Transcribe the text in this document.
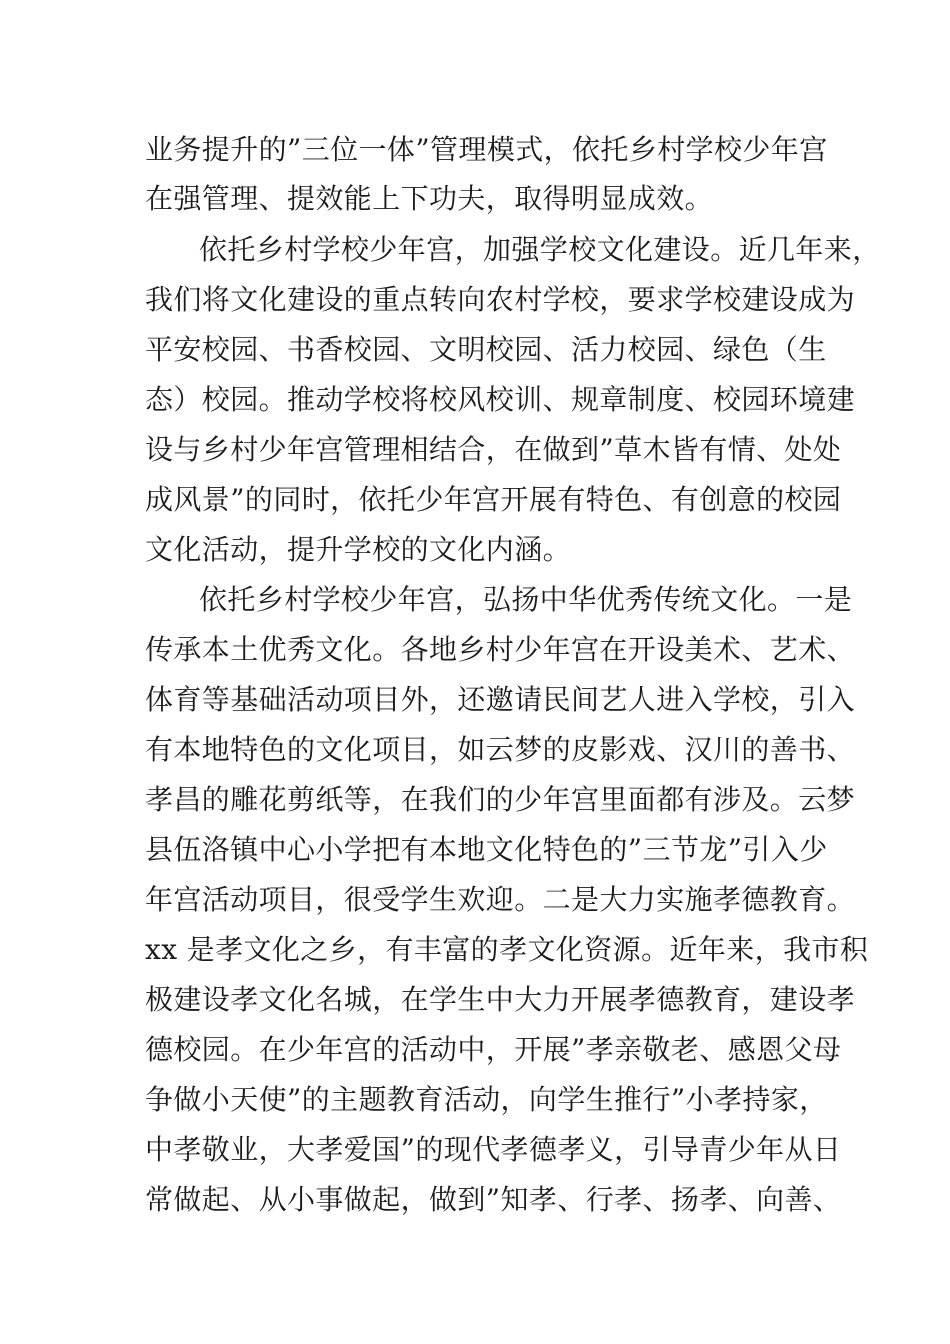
业务提升的”三位一体”管理模式，依托乡村学校少年宫
在强管理、提效能上下功夫，取得明显成效。
依托乡村学校少年宫，加强学校文化建设。近几年来，
我们将文化建设的重点转向农村学校，要求学校建设成为
平安校园、书香校园、文明校园、活力校园、绿色（生
态）校园。推动学校将校风校训、规章制度、校园环境建
设与乡村少年宫管理相结合，在做到”草木皆有情、处处
成风景”的同时，依托少年宫开展有特色、有创意的校园
文化活动，提升学校的文化内涵。
依托乡村学校少年宫，弘扬中华优秀传统文化。一是
传承本土优秀文化。各地乡村少年宫在开设美术、艺术、
体育等基础活动项目外，还邀请民间艺人进入学校，引入
有本地特色的文化项目，如云梦的皮影戏、汉川的善书、
孝昌的雕花剪纸等，在我们的少年宫里面都有涉及。云梦
县伍洛镇中心小学把有本地文化特色的”三节龙”引入少
年宫活动项目，很受学生欢迎。二是大力实施孝德教育。
xx 是孝文化之乡，有丰富的孝文化资源。近年来，我市积
极建设孝文化名城，在学生中大力开展孝德教育，建设孝
德校园。在少年宫的活动中，开展”孝亲敬老、感恩父母
争做小天使”的主题教育活动，向学生推行”小孝持家，
中孝敬业，大孝爱国”的现代孝德孝义，引导青少年从日
常做起、从小事做起，做到”知孝、行孝、扬孝、向善、
